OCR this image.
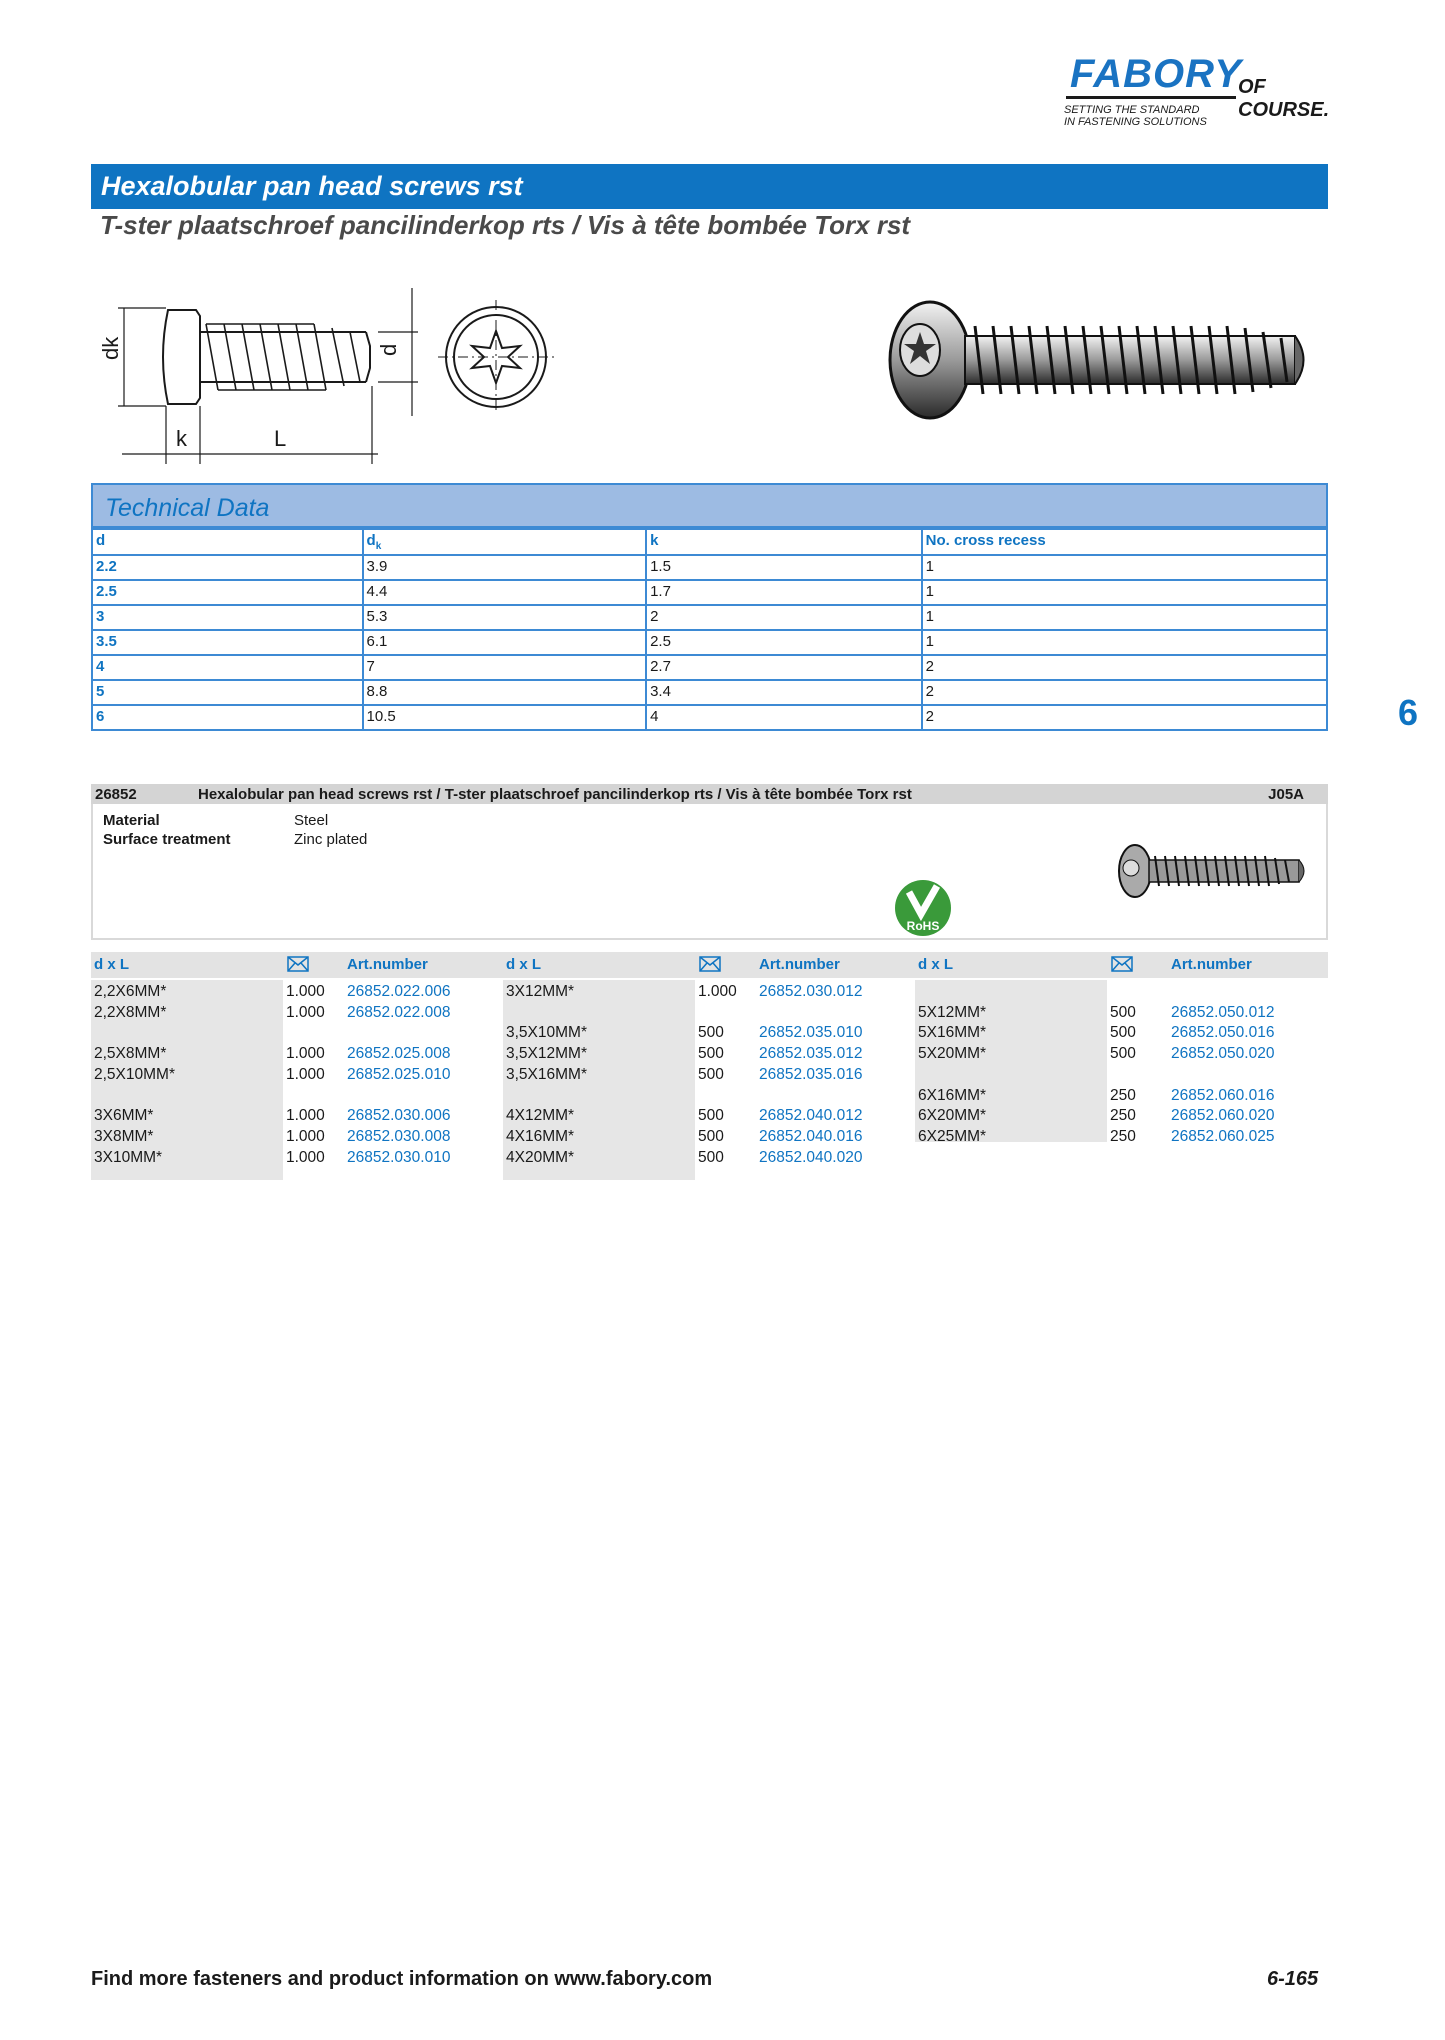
FABORY
OF COURSE.
SETTING THE STANDARD
IN FASTENING SOLUTIONS
Hexalobular pan head screws rst
T-ster plaatschroef pancilinderkop rts / Vis à tête bombée Torx rst
dk	d
k	L
Technical Data
d	$d_k$	k	No. cross recess
2.2	3.9	1.5	1
2.5	4.4	1.7	1
3	5.3	2	1
3.5	6.1	2.5	1
4	7	2.7	2
5	8.8	3.4	2
6	10.5	4	2	6
26852	Hexalobular pan head screws rst / T-ster plaatschroef pancilinderkop rts / Vis à tête bombée Torx rst	J05A
Material	Steel
Surface treatment	Zinc plated
RoHS
d x L	Art.number	d x L	Art.number	d x L	Art.number
2,2X6MM*	1.000 26852.022.006
2,2X8MM*	1.000 26852.022.008
2,5X8MM*	1.000 26852.025.008
2,5X10MM*	1.000 26852.025.010
3X6MM*	1.000 26852.030.006
3X8MM*	1.000 26852.030.008
3X10MM*	1.000 26852.030.010
3X12MM*	1.000 26852.030.012
3,5X10MM*	500 26852.035.010
3,5X12MM*	500 26852.035.012
3,5X16MM*	500 26852.035.016
4X12MM*	500 26852.040.012
4X16MM*	500 26852.040.016
4X20MM*	500 26852.040.020
5X12MM*	500 26852.050.012
5X16MM*	500 26852.050.016
5X20MM*	500 26852.050.020
6X16MM*	250 26852.060.016
6X20MM*	250 26852.060.020
6X25MM*	250 26852.060.025
Find more fasteners and product information on www.fabory.com	6-165
